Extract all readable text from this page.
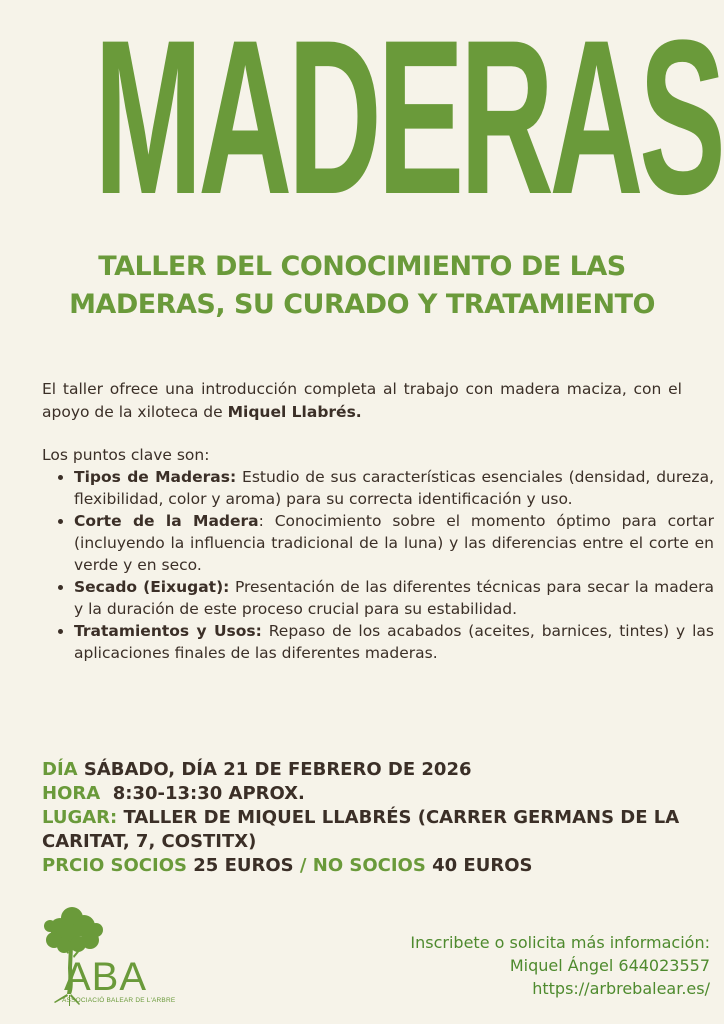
MADERAS
TALLER DEL CONOCIMIENTO DE LAS
MADERAS, SU CURADO Y TRATAMIENTO
El taller ofrece una introducción completa al trabajo con madera maciza, con el apoyo de la xiloteca de Miquel Llabrés.
Los puntos clave son:
• Tipos de Maderas: Estudio de sus características esenciales (densidad, dureza, flexibilidad, color y aroma) para su correcta identificación y uso.
• Corte de la Madera: Conocimiento sobre el momento óptimo para cortar (incluyendo la influencia tradicional de la luna) y las diferencias entre el corte en verde y en seco.
• Secado (Eixugat): Presentación de las diferentes técnicas para secar la madera y la duración de este proceso crucial para su estabilidad.
• Tratamientos y Usos: Repaso de los acabados (aceites, barnices, tintes) y las aplicaciones finales de las diferentes maderas.
DÍA SÁBADO, DÍA 21 DE FEBRERO DE 2026
HORA 8:30-13:30 APROX.
LUGAR: TALLER DE MIQUEL LLABRÉS (CARRER GERMANS DE LA CARITAT, 7, COSTITX)
PRCIO SOCIOS 25 EUROS / NO SOCIOS 40 EUROS
ABA
ASSOCIACIÓ BALEAR DE L'ARBRE
Inscribete o solicita más información:
Miquel Ángel 644023557
https://arbrebalear.es/
